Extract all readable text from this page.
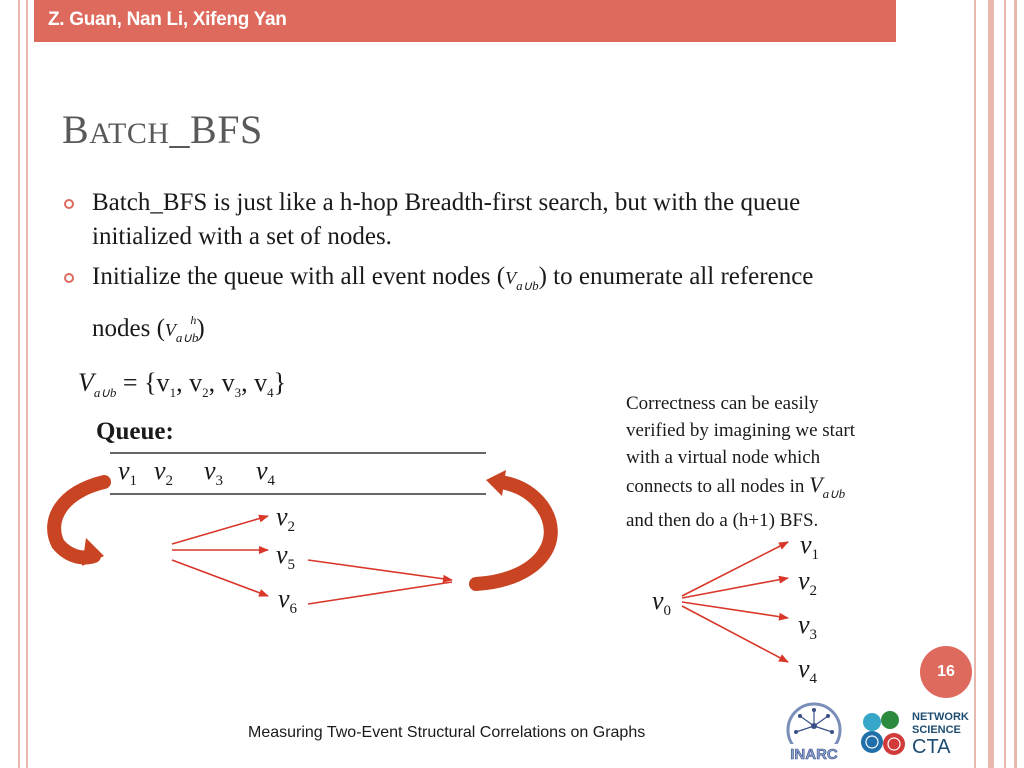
Z. Guan, Nan Li, Xifeng Yan
BATCH_BFS
Batch_BFS is just like a h-hop Breadth-first search, but with the queue initialized with a set of nodes.
Initialize the queue with all event nodes $(V_{a\cup b})$ to enumerate all reference nodes $(V_{a\cup b}^h)$
$V_{a\cup b} = \{v_1$, $v_2$, $v_3$, $v_4$}
Queue:
$v_1$ $v_2$ $v_3$ $v_4$
$v_2$
$v_5$
$v_6$
Correctness can be easily
verified by imagining we start
with a virtual node which
connects to all nodes in $V_{a\cup b}$
and then do a (h+1) BFS.
$v_0$
$v_1$
$v_2$
$v_3$
$v_4$	16
Measuring Two-Event Structural Correlations on Graphs
INARC
NETWORK
SCIENCE
CTA
